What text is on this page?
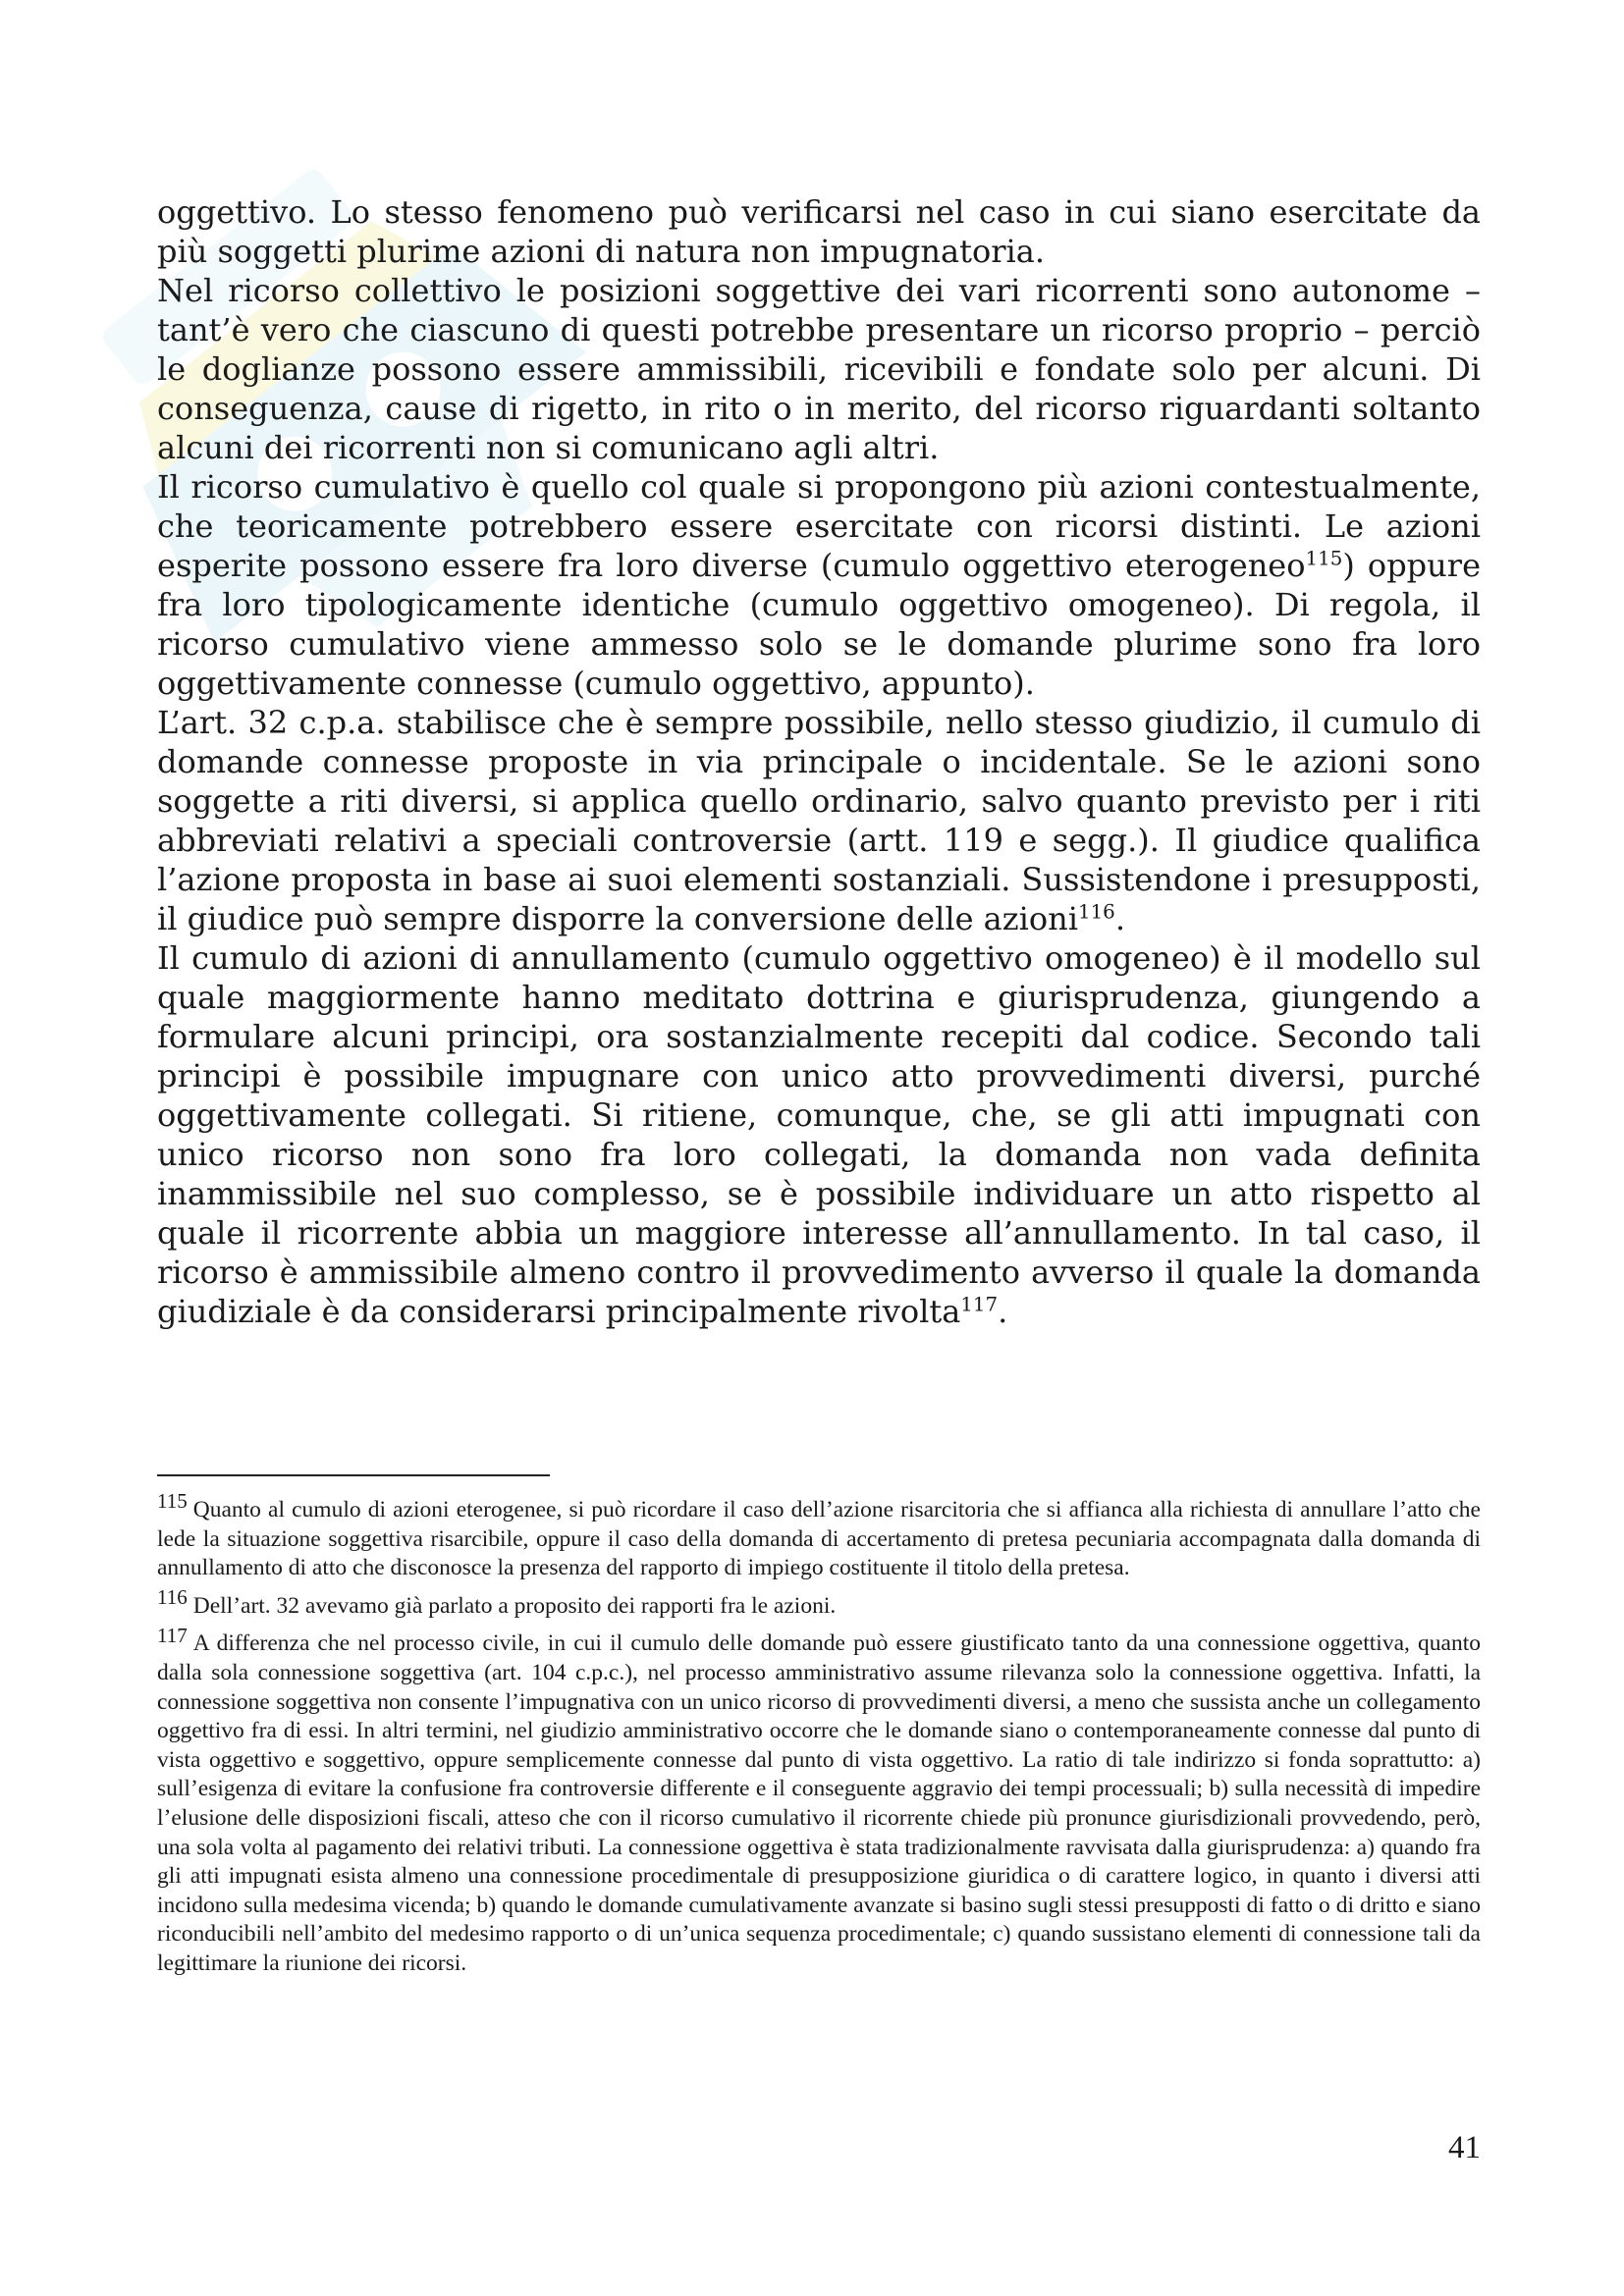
oggettivo. Lo stesso fenomeno può verificarsi nel caso in cui siano esercitate da più soggetti plurime azioni di natura non impugnatoria.

Nel ricorso collettivo le posizioni soggettive dei vari ricorrenti sono autonome – tant’è vero che ciascuno di questi potrebbe presentare un ricorso proprio – perciò le doglianze possono essere ammissibili, ricevibili e fondate solo per alcuni. Di conseguenza, cause di rigetto, in rito o in merito, del ricorso riguardanti soltanto alcuni dei ricorrenti non si comunicano agli altri.

Il ricorso cumulativo è quello col quale si propongono più azioni contestualmente, che teoricamente potrebbero essere esercitate con ricorsi distinti. Le azioni esperite possono essere fra loro diverse (cumulo oggettivo eterogeneo$^{115}$) oppure fra loro tipologicamente identiche (cumulo oggettivo omogeneo). Di regola, il ricorso cumulativo viene ammesso solo se le domande plurime sono fra loro oggettivamente connesse (cumulo oggettivo, appunto).

L’art. 32 c.p.a. stabilisce che è sempre possibile, nello stesso giudizio, il cumulo di domande connesse proposte in via principale o incidentale. Se le azioni sono soggette a riti diversi, si applica quello ordinario, salvo quanto previsto per i riti abbreviati relativi a speciali controversie (artt. 119 e segg.). Il giudice qualifica l’azione proposta in base ai suoi elementi sostanziali. Sussistendone i presupposti, il giudice può sempre disporre la conversione delle azioni$^{116}$.

Il cumulo di azioni di annullamento (cumulo oggettivo omogeneo) è il modello sul quale maggiormente hanno meditato dottrina e giurisprudenza, giungendo a formulare alcuni principi, ora sostanzialmente recepiti dal codice. Secondo tali principi è possibile impugnare con unico atto provvedimenti diversi, purché oggettivamente collegati. Si ritiene, comunque, che, se gli atti impugnati con unico ricorso non sono fra loro collegati, la domanda non vada definita inammissibile nel suo complesso, se è possibile individuare un atto rispetto al quale il ricorrente abbia un maggiore interesse all’annullamento. In tal caso, il ricorso è ammissibile almeno contro il provvedimento avverso il quale la domanda giudiziale è da considerarsi principalmente rivolta$^{117}$.

115 Quanto al cumulo di azioni eterogenee, si può ricordare il caso dell’azione risarcitoria che si affianca alla richiesta di annullare l’atto che lede la situazione soggettiva risarcibile, oppure il caso della domanda di accertamento di pretesa pecuniaria accompagnata dalla domanda di annullamento di atto che disconosce la presenza del rapporto di impiego costituente il titolo della pretesa.

116 Dell’art. 32 avevamo già parlato a proposito dei rapporti fra le azioni.

117 A differenza che nel processo civile, in cui il cumulo delle domande può essere giustificato tanto da una connessione oggettiva, quanto dalla sola connessione soggettiva (art. 104 c.p.c.), nel processo amministrativo assume rilevanza solo la connessione oggettiva. Infatti, la connessione soggettiva non consente l’impugnativa con un unico ricorso di provvedimenti diversi, a meno che sussista anche un collegamento oggettivo fra di essi. In altri termini, nel giudizio amministrativo occorre che le domande siano o contemporaneamente connesse dal punto di vista oggettivo e soggettivo, oppure semplicemente connesse dal punto di vista oggettivo. La ratio di tale indirizzo si fonda soprattutto: a) sull’esigenza di evitare la confusione fra controversie differente e il conseguente aggravio dei tempi processuali; b) sulla necessità di impedire l’elusione delle disposizioni fiscali, atteso che con il ricorso cumulativo il ricorrente chiede più pronunce giurisdizionali provvedendo, però, una sola volta al pagamento dei relativi tributi. La connessione oggettiva è stata tradizionalmente ravvisata dalla giurisprudenza: a) quando fra gli atti impugnati esista almeno una connessione procedimentale di presupposizione giuridica o di carattere logico, in quanto i diversi atti incidono sulla medesima vicenda; b) quando le domande cumulativamente avanzate si basino sugli stessi presupposti di fatto o di dritto e siano riconducibili nell’ambito del medesimo rapporto o di un’unica sequenza procedimentale; c) quando sussistano elementi di connessione tali da legittimare la riunione dei ricorsi.

41
